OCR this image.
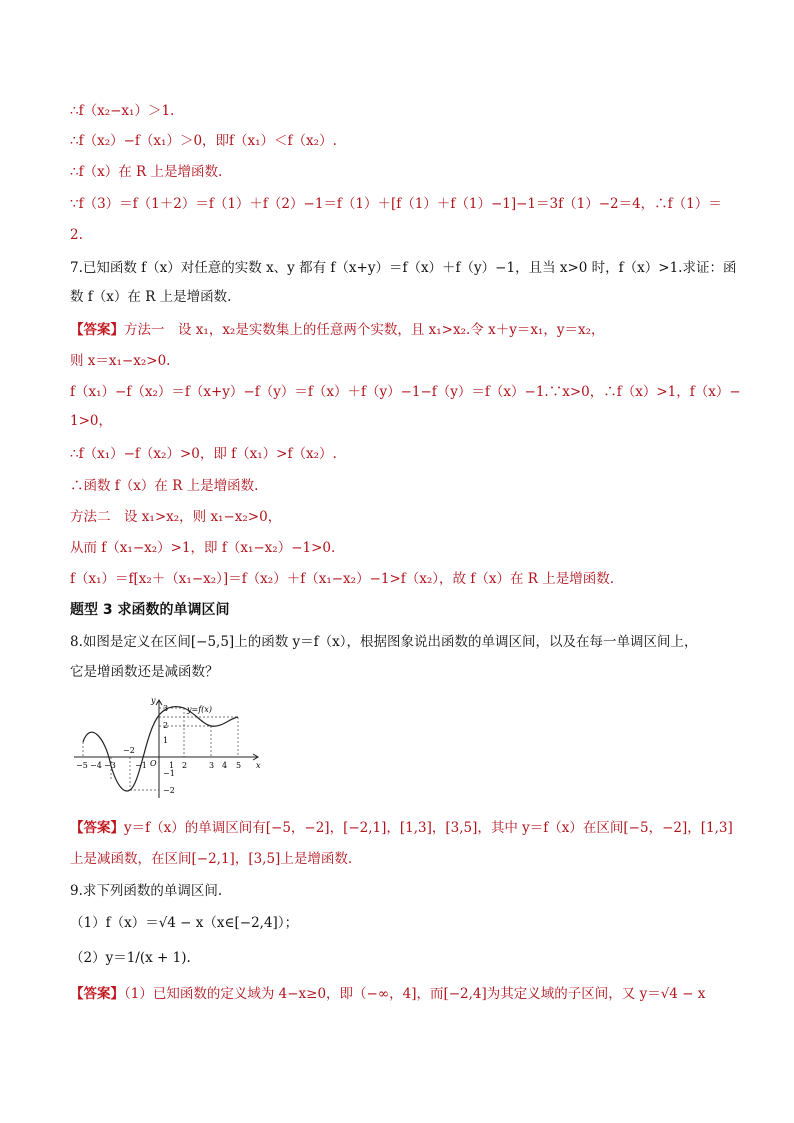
∴f（x₂−x₁）＞1.
∴f（x₂）−f（x₁）＞0，即f（x₁）＜f（x₂）.
∴f（x）在 R 上是增函数.
∵f（3）＝f（1＋2）＝f（1）＋f（2）−1＝f（1）＋[f（1）＋f（1）−1]−1＝3f（1）−2＝4，∴f（1）＝
2.
7.已知函数 f（x）对任意的实数 x、y 都有 f（x+y）＝f（x）＋f（y）−1，且当 x>0 时，f（x）>1.求证：函
数 f（x）在 R 上是增函数.
【答案】方法一　设 x₁，x₂是实数集上的任意两个实数，且 x₁>x₂.令 x＋y＝x₁，y＝x₂，
则 x＝x₁−x₂>0.
f（x₁）−f（x₂）＝f（x+y）−f（y）＝f（x）＋f（y）−1−f（y）＝f（x）−1.∵x>0，∴f（x）>1，f（x）−
1>0，
∴f（x₁）−f（x₂）>0，即 f（x₁）>f（x₂）.
∴函数 f（x）在 R 上是增函数.
方法二　设 x₁>x₂，则 x₁−x₂>0，
从而 f（x₁−x₂）>1，即 f（x₁−x₂）−1>0.
f（x₁）＝f[x₂＋（x₁−x₂）]＝f（x₂）＋f（x₁−x₂）−1>f（x₂），故 f（x）在 R 上是增函数.
题型 3 求函数的单调区间
8.如图是定义在区间[−5,5]上的函数 y＝f（x），根据图象说出函数的单调区间，以及在每一单调区间上，
它是增函数还是减函数？
y=f(x)
y
x
O
−2
−5 −4 −3 −1	1 2	3 4 5
3
2
1
−1
−2
【答案】y＝f（x）的单调区间有[−5，−2]，[−2,1]，[1,3]，[3,5]，其中 y＝f（x）在区间[−5，−2]，[1,3]
上是减函数，在区间[−2,1]，[3,5]上是增函数.
9.求下列函数的单调区间.
（1）f（x）＝√4 − x（x∈[−2,4]）；
（2）y＝1/(x + 1).
【答案】（1）已知函数的定义域为 4−x≥0，即（−∞，4]，而[−2,4]为其定义域的子区间，又 y＝√4 − x
